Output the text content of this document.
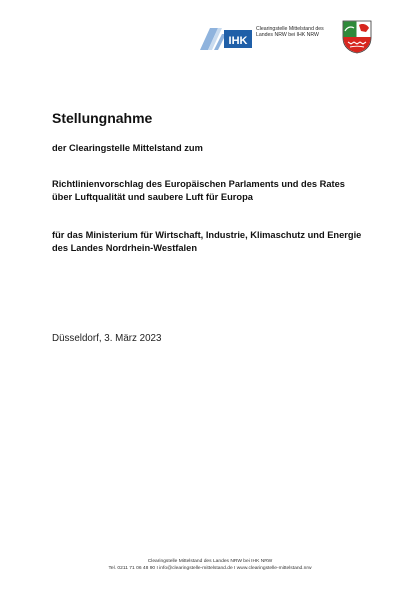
IHK
Clearingstelle Mittelstand des
Landes NRW bei IHK NRW
Stellungnahme
der Clearingstelle Mittelstand zum
Richtlinienvorschlag des Europäischen Parlaments und des Rates
über Luftqualität und saubere Luft für Europa
für das Ministerium für Wirtschaft, Industrie, Klimaschutz und Energie
des Landes Nordrhein-Westfalen
Düsseldorf, 3. März 2023
Clearingstelle Mittelstand des Landes NRW bei IHK NRW
Tel. 0211 71 06 48 90 I info@clearingstelle-mittelstand.de I www.clearingstelle-mittelstand.nrw
